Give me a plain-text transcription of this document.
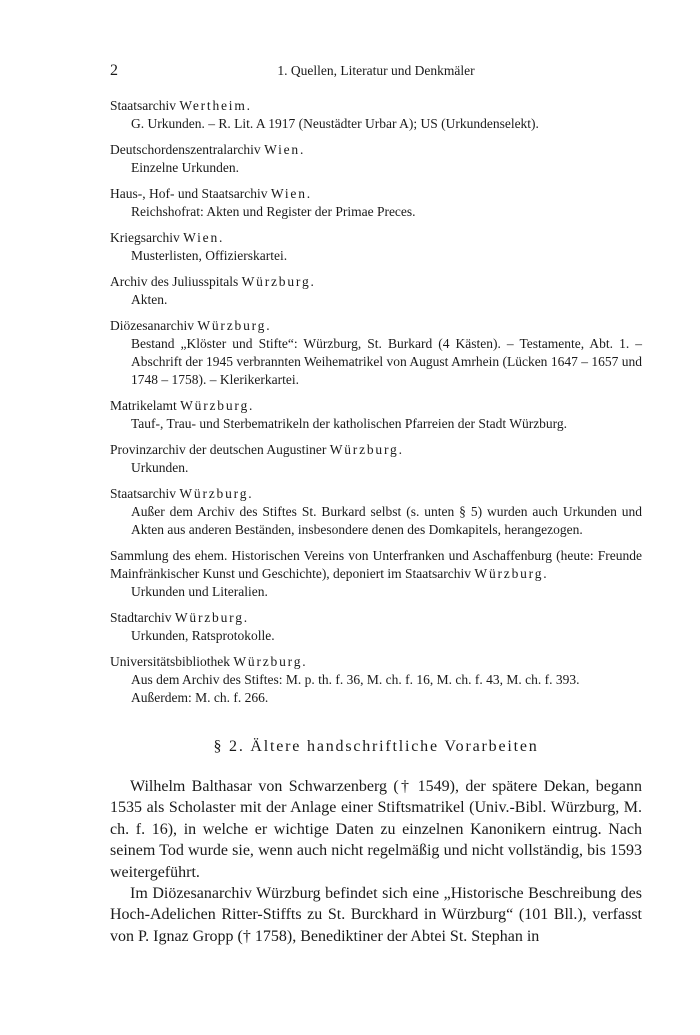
2	1. Quellen, Literatur und Denkmäler
Staatsarchiv Wertheim.
G. Urkunden. – R. Lit. A 1917 (Neustädter Urbar A); US (Urkundenselekt).
Deutschordenszentralarchiv Wien.
Einzelne Urkunden.
Haus-, Hof- und Staatsarchiv Wien.
Reichshofrat: Akten und Register der Primae Preces.
Kriegsarchiv Wien.
Musterlisten, Offizierskartei.
Archiv des Juliusspitals Würzburg.
Akten.
Diözesanarchiv Würzburg.
Bestand „Klöster und Stifte“: Würzburg, St. Burkard (4 Kästen). – Testamente, Abt. 1. – Abschrift der 1945 verbrannten Weihematrikel von August Amrhein (Lücken 1647 – 1657 und 1748 – 1758). – Klerikerkartei.
Matrikelamt Würzburg.
Tauf-, Trau- und Sterbematrikeln der katholischen Pfarreien der Stadt Würzburg.
Provinzarchiv der deutschen Augustiner Würzburg.
Urkunden.
Staatsarchiv Würzburg.
Außer dem Archiv des Stiftes St. Burkard selbst (s. unten § 5) wurden auch Urkunden und Akten aus anderen Beständen, insbesondere denen des Domkapitels, herangezogen.
Sammlung des ehem. Historischen Vereins von Unterfranken und Aschaffenburg (heute: Freunde Mainfränkischer Kunst und Geschichte), deponiert im Staatsarchiv Würzburg.
Urkunden und Literalien.
Stadtarchiv Würzburg.
Urkunden, Ratsprotokolle.
Universitätsbibliothek Würzburg.
Aus dem Archiv des Stiftes: M. p. th. f. 36, M. ch. f. 16, M. ch. f. 43, M. ch. f. 393.
Außerdem: M. ch. f. 266.
§ 2. Ältere handschriftliche Vorarbeiten

Wilhelm Balthasar von Schwarzenberg († 1549), der spätere Dekan, begann 1535 als Scholaster mit der Anlage einer Stiftsmatrikel (Univ.-Bibl. Würzburg, M. ch. f. 16), in welche er wichtige Daten zu einzelnen Kanonikern eintrug. Nach seinem Tod wurde sie, wenn auch nicht regelmäßig und nicht vollständig, bis 1593 weitergeführt.

Im Diözesanarchiv Würzburg befindet sich eine „Historische Beschreibung des Hoch-Adelichen Ritter-Stiffts zu St. Burckhard in Würzburg“ (101 Bll.), verfasst von P. Ignaz Gropp († 1758), Benediktiner der Abtei St. Stephan in
